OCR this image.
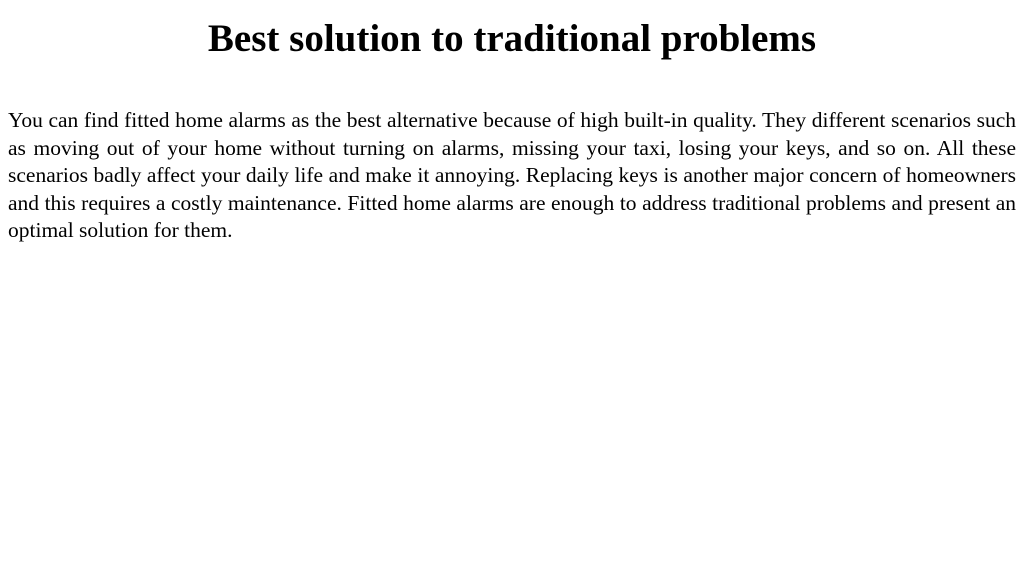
Best solution to traditional problems

You can find fitted home alarms as the best alternative because of high built-in quality. They different scenarios such as moving out of your home without turning on alarms, missing your taxi, losing your keys, and so on. All these scenarios badly affect your daily life and make it annoying. Replacing keys is another major concern of homeowners and this requires a costly maintenance. Fitted home alarms are enough to address traditional problems and present an optimal solution for them.
